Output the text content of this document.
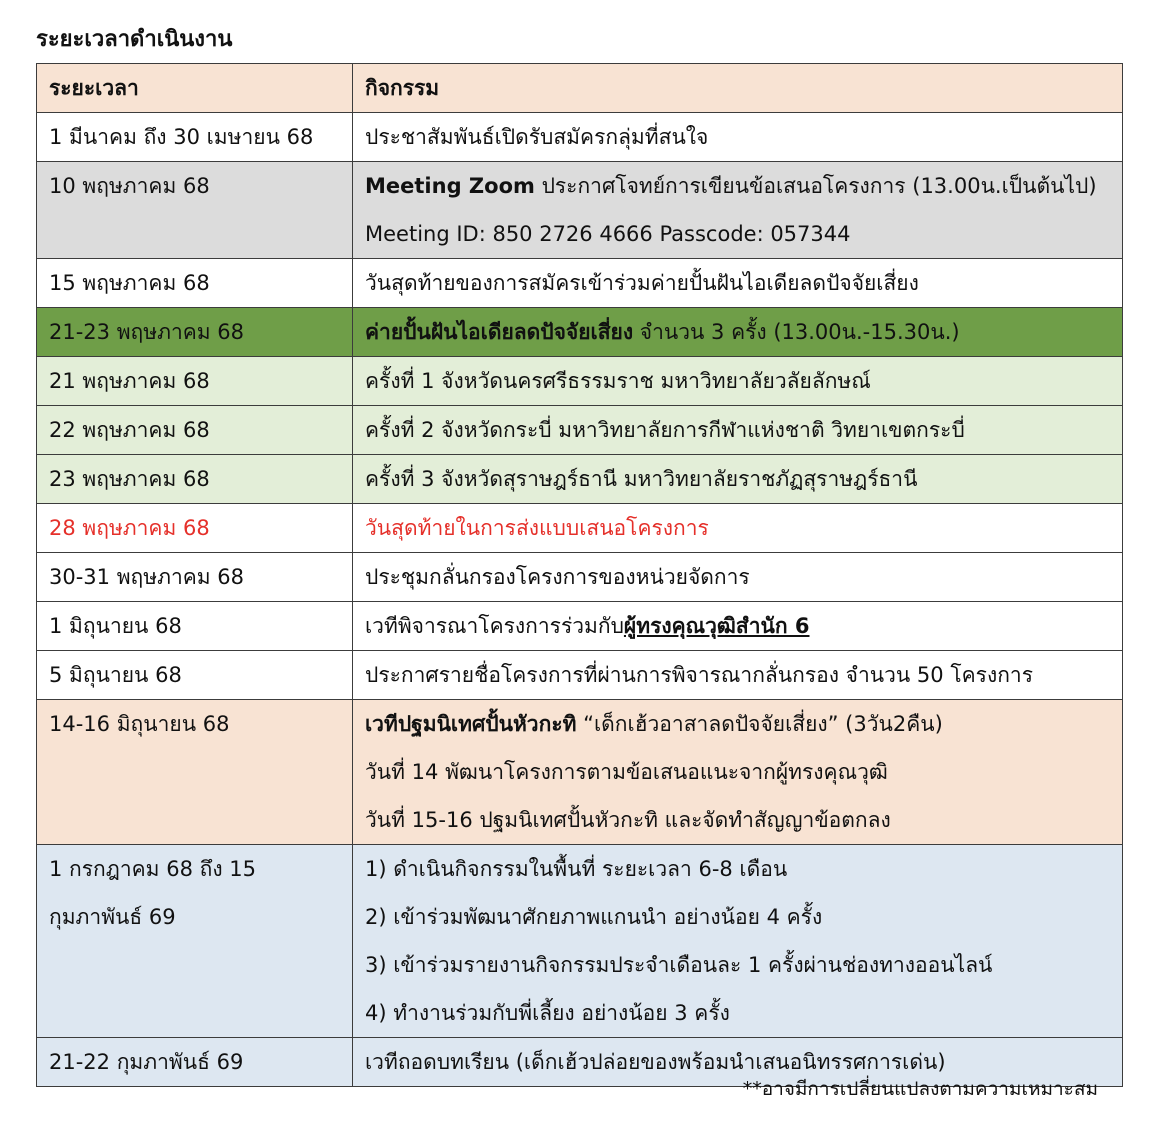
ระยะเวลาดำเนินงาน
ระยะเวลา	กิจกรรม
1 มีนาคม ถึง 30 เมษายน 68	ประชาสัมพันธ์เปิดรับสมัครกลุ่มที่สนใจ
10 พฤษภาคม 68	Meeting Zoom ประกาศโจทย์การเขียนข้อเสนอโครงการ (13.00น.เป็นต้นไป)
Meeting ID: 850 2726 4666 Passcode: 057344

15 พฤษภาคม 68	วันสุดท้ายของการสมัครเข้าร่วมค่ายปั้นฝันไอเดียลดปัจจัยเสี่ยง
21-23 พฤษภาคม 68	ค่ายปั้นฝันไอเดียลดปัจจัยเสี่ยง จำนวน 3 ครั้ง (13.00น.-15.30น.)
21 พฤษภาคม 68	ครั้งที่ 1 จังหวัดนครศรีธรรมราช มหาวิทยาลัยวลัยลักษณ์
22 พฤษภาคม 68	ครั้งที่ 2 จังหวัดกระบี่ มหาวิทยาลัยการกีฬาแห่งชาติ วิทยาเขตกระบี่
23 พฤษภาคม 68	ครั้งที่ 3 จังหวัดสุราษฎร์ธานี มหาวิทยาลัยราชภัฏสุราษฎร์ธานี
28 พฤษภาคม 68	วันสุดท้ายในการส่งแบบเสนอโครงการ
30-31 พฤษภาคม 68	ประชุมกลั่นกรองโครงการของหน่วยจัดการ
1 มิถุนายน 68	เวทีพิจารณาโครงการร่วมกับผู้ทรงคุณวุฒิสำนัก 6
5 มิถุนายน 68	ประกาศรายชื่อโครงการที่ผ่านการพิจารณากลั่นกรอง จำนวน 50 โครงการ
14-16 มิถุนายน 68	เวทีปฐมนิเทศปั้นหัวกะทิ “เด็กเฮ้วอาสาลดปัจจัยเสี่ยง” (3วัน2คืน)
วันที่ 14 พัฒนาโครงการตามข้อเสนอแนะจากผู้ทรงคุณวุฒิ
วันที่ 15-16 ปฐมนิเทศปั้นหัวกะทิ และจัดทำสัญญาข้อตกลง

1 กรกฎาคม 68 ถึง 15
กุมภาพันธ์ 69	1) ดำเนินกิจกรรมในพื้นที่ ระยะเวลา 6-8 เดือน
2) เข้าร่วมพัฒนาศักยภาพแกนนำ อย่างน้อย 4 ครั้ง
3) เข้าร่วมรายงานกิจกรรมประจำเดือนละ 1 ครั้งผ่านช่องทางออนไลน์
4) ทำงานร่วมกับพี่เลี้ยง อย่างน้อย 3 ครั้ง

21-22 กุมภาพันธ์ 69	เวทีถอดบทเรียน (เด็กเฮ้วปล่อยของพร้อมนำเสนอนิทรรศการเด่น)
**อาจมีการเปลี่ยนแปลงตามความเหมาะสม
